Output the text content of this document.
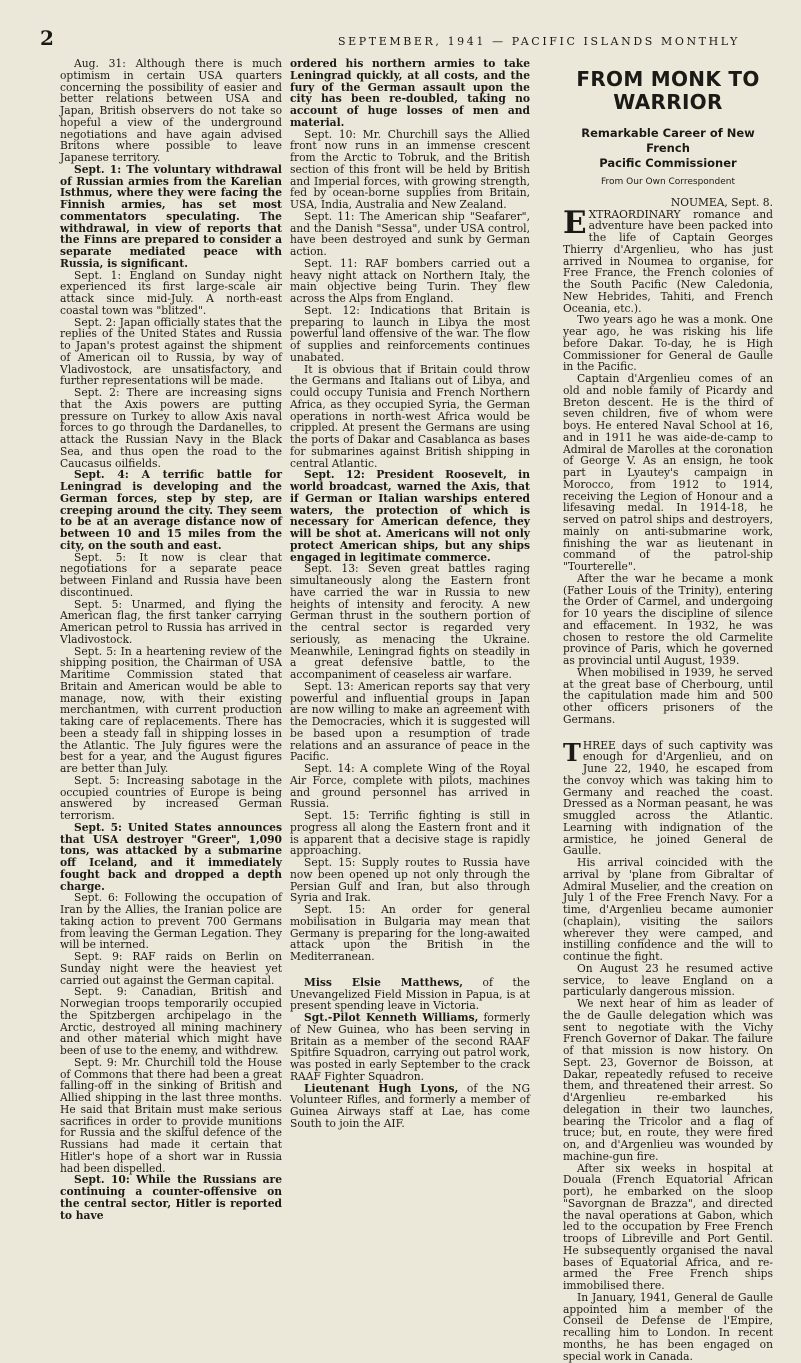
2	SEPTEMBER, 1941 — PACIFIC ISLANDS MONTHLY

Aug. 31: Although there is much optimism in certain USA quarters concerning the possibility of easier and better relations between USA and Japan, British observers do not take so hopeful a view of the underground negotiations and have again advised Britons where possible to leave Japanese territory.

Sept. 1: The voluntary withdrawal of Russian armies from the Karelian Isthmus, where they were facing the Finnish armies, has set most commentators speculating. The withdrawal, in view of reports that the Finns are prepared to consider a separate mediated peace with Russia, is significant.

Sept. 1: England on Sunday night experienced its first large-scale air attack since mid-July. A north-east coastal town was "blitzed".

Sept. 2: Japan officially states that the replies of the United States and Russia to Japan's protest against the shipment of American oil to Russia, by way of Vladivostock, are unsatisfactory, and further representations will be made.

Sept. 2: There are increasing signs that the Axis powers are putting pressure on Turkey to allow Axis naval forces to go through the Dardanelles, to attack the Russian Navy in the Black Sea, and thus open the road to the Caucasus oilfields.

Sept. 4: A terrific battle for Leningrad is developing and the German forces, step by step, are creeping around the city. They seem to be at an average distance now of between 10 and 15 miles from the city, on the south and east.

Sept. 5: It now is clear that negotiations for a separate peace between Finland and Russia have been discontinued.

Sept. 5: Unarmed, and flying the American flag, the first tanker carrying American petrol to Russia has arrived in Vladivostock.

Sept. 5: In a heartening review of the shipping position, the Chairman of USA Maritime Commission stated that Britain and American would be able to manage, now, with their existing merchantmen, with current production taking care of replacements. There has been a steady fall in shipping losses in the Atlantic. The July figures were the best for a year, and the August figures are better than July.

Sept. 5: Increasing sabotage in the occupied countries of Europe is being answered by increased German terrorism.

Sept. 5: United States announces that USA destroyer "Greer", 1,090 tons, was attacked by a submarine off Iceland, and it immediately fought back and dropped a depth charge.

Sept. 6: Following the occupation of Iran by the Allies, the Iranian police are taking action to prevent 700 Germans from leaving the German Legation. They will be interned.

Sept. 9: RAF raids on Berlin on Sunday night were the heaviest yet carried out against the German capital.

Sept. 9: Canadian, British and Norwegian troops temporarily occupied the Spitzbergen archipelago in the Arctic, destroyed all mining machinery and other material which might have been of use to the enemy, and withdrew.

Sept. 9: Mr. Churchill told the House of Commons that there had been a great falling-off in the sinking of British and Allied shipping in the last three months. He said that Britain must make serious sacrifices in order to provide munitions for Russia and the skilful defence of the Russians had made it certain that Hitler's hope of a short war in Russia had been dispelled.

Sept. 10: While the Russians are continuing a counter-offensive on the central sector, Hitler is reported to have

ordered his northern armies to take Leningrad quickly, at all costs, and the fury of the German assault upon the city has been re-doubled, taking no account of huge losses of men and material.

Sept. 10: Mr. Churchill says the Allied front now runs in an immense crescent from the Arctic to Tobruk, and the British section of this front will be held by British and Imperial forces, with growing strength, fed by ocean-borne supplies from Britain, USA, India, Australia and New Zealand.

Sept. 11: The American ship "Seafarer", and the Danish "Sessa", under USA control, have been destroyed and sunk by German action.

Sept. 11: RAF bombers carried out a heavy night attack on Northern Italy, the main objective being Turin. They flew across the Alps from England.

Sept. 12: Indications that Britain is preparing to launch in Libya the most powerful land offensive of the war. The flow of supplies and reinforcements continues unabated.

It is obvious that if Britain could throw the Germans and Italians out of Libya, and could occupy Tunisia and French Northern Africa, as they occupied Syria, the German operations in north-west Africa would be crippled. At present the Germans are using the ports of Dakar and Casablanca as bases for submarines against British shipping in central Atlantic.

Sept. 12: President Roosevelt, in world broadcast, warned the Axis, that if German or Italian warships entered waters, the protection of which is necessary for American defence, they will be shot at. Americans will not only protect American ships, but any ships engaged in legitimate commerce.

Sept. 13: Seven great battles raging simultaneously along the Eastern front have carried the war in Russia to new heights of intensity and ferocity. A new German thrust in the southern portion of the central sector is regarded very seriously, as menacing the Ukraine. Meanwhile, Leningrad fights on steadily in a great defensive battle, to the accompaniment of ceaseless air warfare.

Sept. 13: American reports say that very powerful and influential groups in Japan are now willing to make an agreement with the Democracies, which it is suggested will be based upon a resumption of trade relations and an assurance of peace in the Pacific.

Sept. 14: A complete Wing of the Royal Air Force, complete with pilots, machines and ground personnel has arrived in Russia.

Sept. 15: Terrific fighting is still in progress all along the Eastern front and it is apparent that a decisive stage is rapidly approaching.

Sept. 15: Supply routes to Russia have now been opened up not only through the Persian Gulf and Iran, but also through Syria and Irak.

Sept. 15: An order for general mobilisation in Bulgaria may mean that Germany is preparing for the long-awaited attack upon the British in the Mediterranean.

Miss Elsie Matthews, of the Unevangelized Field Mission in Papua, is at present spending leave in Victoria.

Sgt.-Pilot Kenneth Williams, formerly of New Guinea, who has been serving in Britain as a member of the second RAAF Spitfire Squadron, carrying out patrol work, was posted in early September to the crack RAAF Fighter Squadron.

Lieutenant Hugh Lyons, of the NG Volunteer Rifles, and formerly a member of Guinea Airways staff at Lae, has come South to join the AIF.

FROM MONK TO
WARRIOR
Remarkable Career of New French
Pacific Commissioner
From Our Own Correspondent

NOUMEA, Sept. 8.

EXTRAORDINARY romance and adventure have been packed into the life of Captain Georges Thierry d'Argenlieu, who has just arrived in Noumea to organise, for Free France, the French colonies of the South Pacific (New Caledonia, New Hebrides, Tahiti, and French Oceania, etc.).

Two years ago he was a monk. One year ago, he was risking his life before Dakar. To-day, he is High Commissioner for General de Gaulle in the Pacific.

Captain d'Argenlieu comes of an old and noble family of Picardy and Breton descent. He is the third of seven children, five of whom were boys. He entered Naval School at 16, and in 1911 he was aide-de-camp to Admiral de Marolles at the coronation of George V. As an ensign, he took part in Lyautey's campaign in Morocco, from 1912 to 1914, receiving the Legion of Honour and a lifesaving medal. In 1914-18, he served on patrol ships and destroyers, mainly on anti-submarine work, finishing the war as lieutenant in command of the patrol-ship "Tourterelle".

After the war he became a monk (Father Louis of the Trinity), entering the Order of Carmel, and undergoing for 10 years the discipline of silence and effacement. In 1932, he was chosen to restore the old Carmelite province of Paris, which he governed as provincial until August, 1939.

When mobilised in 1939, he served at the great base of Cherbourg, until the capitulation made him and 500 other officers prisoners of the Germans.

THREE days of such captivity was enough for d'Argenlieu, and on June 22, 1940, he escaped from the convoy which was taking him to Germany and reached the coast. Dressed as a Norman peasant, he was smuggled across the Atlantic. Learning with indignation of the armistice, he joined General de Gaulle.

His arrival coincided with the arrival by 'plane from Gibraltar of Admiral Muselier, and the creation on July 1 of the Free French Navy. For a time, d'Argenlieu became aumonier (chaplain), visiting the sailors wherever they were camped, and instilling confidence and the will to continue the fight.

On August 23 he resumed active service, to leave England on a particularly dangerous mission.

We next hear of him as leader of the de Gaulle delegation which was sent to negotiate with the Vichy French Governor of Dakar. The failure of that mission is now history. On Sept. 23, Governor de Boisson, at Dakar, repeatedly refused to receive them, and threatened their arrest. So d'Argenlieu re-embarked his delegation in their two launches, bearing the Tricolor and a flag of truce; but, en route, they were fired on, and d'Argenlieu was wounded by machine-gun fire.

After six weeks in hospital at Douala (French Equatorial African port), he embarked on the sloop "Savorgnan de Brazza", and directed the naval operations at Gabon, which led to the occupation by Free French troops of Libreville and Port Gentil. He subsequently organised the naval bases of Equatorial Africa, and re-armed the Free French ships immobilised there.

In January, 1941, General de Gaulle appointed him a member of the Conseil de Defense de l'Empire, recalling him to London. In recent months, he has been engaged on special work in Canada.
